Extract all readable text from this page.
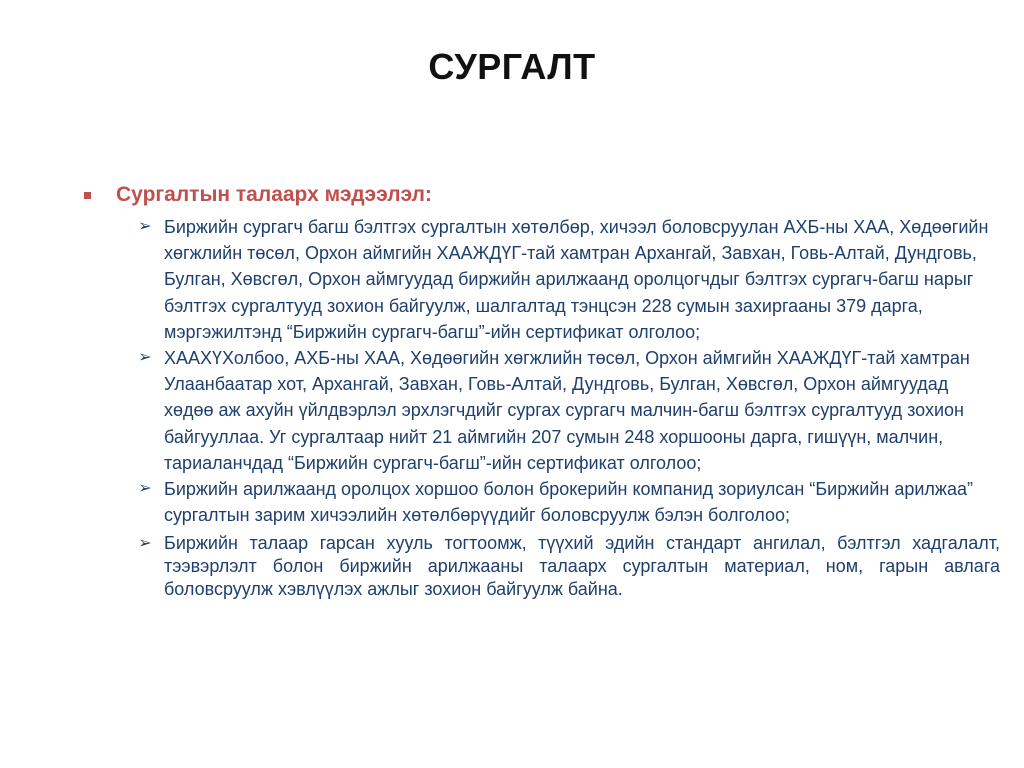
СУРГАЛТ
Сургалтын талаарх мэдээлэл:
➢ Биржийн сургагч багш бэлтгэх сургалтын хөтөлбөр, хичээл боловсруулан АХБ-ны ХАА, Хөдөөгийн хөгжлийн төсөл, Орхон аймгийн ХААЖДҮГ-тай хамтран Архангай, Завхан, Говь-Алтай, Дундговь, Булган, Хөвсгөл, Орхон аймгуудад биржийн арилжаанд оролцогчдыг бэлтгэх сургагч-багш нарыг бэлтгэх сургалтууд зохион байгуулж, шалгалтад тэнцсэн 228 сумын захиргааны 379 дарга, мэргэжилтэнд “Биржийн сургагч-багш”-ийн сертификат олголоо;
➢ ХААХҮХолбоо, АХБ-ны ХАА, Хөдөөгийн хөгжлийн төсөл, Орхон аймгийн ХААЖДҮГ-тай хамтран Улаанбаатар хот, Архангай, Завхан, Говь-Алтай, Дундговь, Булган, Хөвсгөл, Орхон аймгуудад хөдөө аж ахуйн үйлдвэрлэл эрхлэгчдийг сургах сургагч малчин-багш бэлтгэх сургалтууд зохион байгууллаа. Уг сургалтаар нийт 21 аймгийн 207 сумын 248 хоршооны дарга, гишүүн, малчин, тариаланчдад “Биржийн сургагч-багш”-ийн сертификат олголоо;
➢ Биржийн арилжаанд оролцох хоршоо болон брокерийн компанид зориулсан “Биржийн арилжаа” сургалтын зарим хичээлийн хөтөлбөрүүдийг боловсруулж бэлэн болголоо;
➢ Биржийн талаар гарсан хууль тогтоомж, түүхий эдийн стандарт ангилал, бэлтгэл хадгалалт, тээвэрлэлт болон биржийн арилжааны талаарх сургалтын материал, ном, гарын авлага боловсруулж хэвлүүлэх ажлыг зохион байгуулж байна.
